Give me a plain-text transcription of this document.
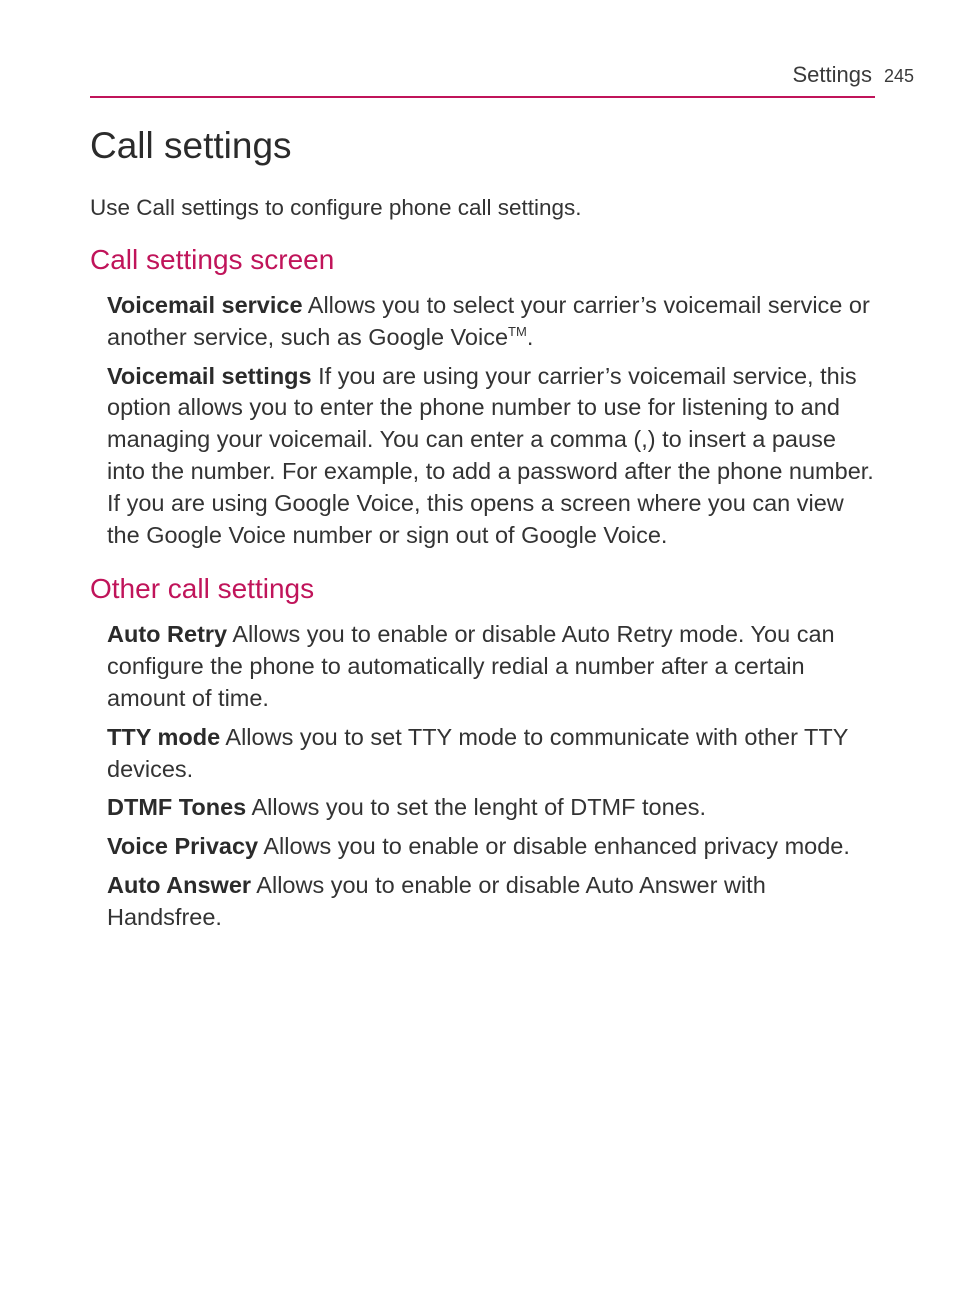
Settings 245
Call settings

Use Call settings to configure phone call settings.

Call settings screen
Voicemail service Allows you to select your carrier’s voicemail service or another service, such as Google Voice™.
Voicemail settings If you are using your carrier’s voicemail service, this option allows you to enter the phone number to use for listening to and managing your voicemail. You can enter a comma (,) to insert a pause into the number. For example, to add a password after the phone number. If you are using Google Voice, this opens a screen where you can view the Google Voice number or sign out of Google Voice.
Other call settings
Auto Retry Allows you to enable or disable Auto Retry mode. You can configure the phone to automatically redial a number after a certain amount of time.
TTY mode Allows you to set TTY mode to communicate with other TTY devices.
DTMF Tones Allows you to set the lenght of DTMF tones.
Voice Privacy Allows you to enable or disable enhanced privacy mode.
Auto Answer Allows you to enable or disable Auto Answer with Handsfree.
